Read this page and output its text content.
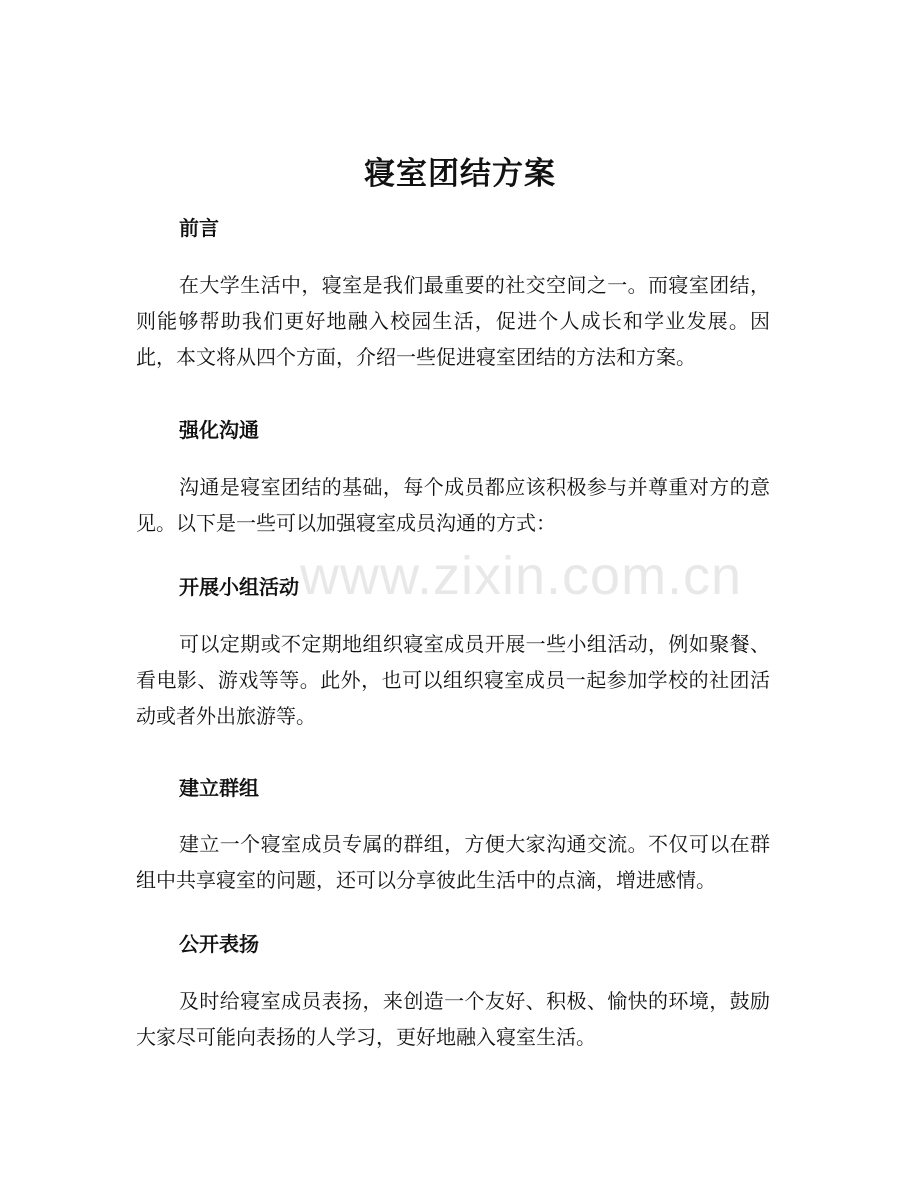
寝室团结方案
前言
在大学生活中，寝室是我们最重要的社交空间之一。而寝室团结，则能够帮助我们更好地融入校园生活，促进个人成长和学业发展。因此，本文将从四个方面，介绍一些促进寝室团结的方法和方案。
强化沟通
沟通是寝室团结的基础，每个成员都应该积极参与并尊重对方的意见。以下是一些可以加强寝室成员沟通的方式：
开展小组活动
可以定期或不定期地组织寝室成员开展一些小组活动，例如聚餐、看电影、游戏等等。此外，也可以组织寝室成员一起参加学校的社团活动或者外出旅游等。
建立群组
建立一个寝室成员专属的群组，方便大家沟通交流。不仅可以在群组中共享寝室的问题，还可以分享彼此生活中的点滴，增进感情。
公开表扬
及时给寝室成员表扬，来创造一个友好、积极、愉快的环境，鼓励大家尽可能向表扬的人学习，更好地融入寝室生活。
www.zixin.com.cn
